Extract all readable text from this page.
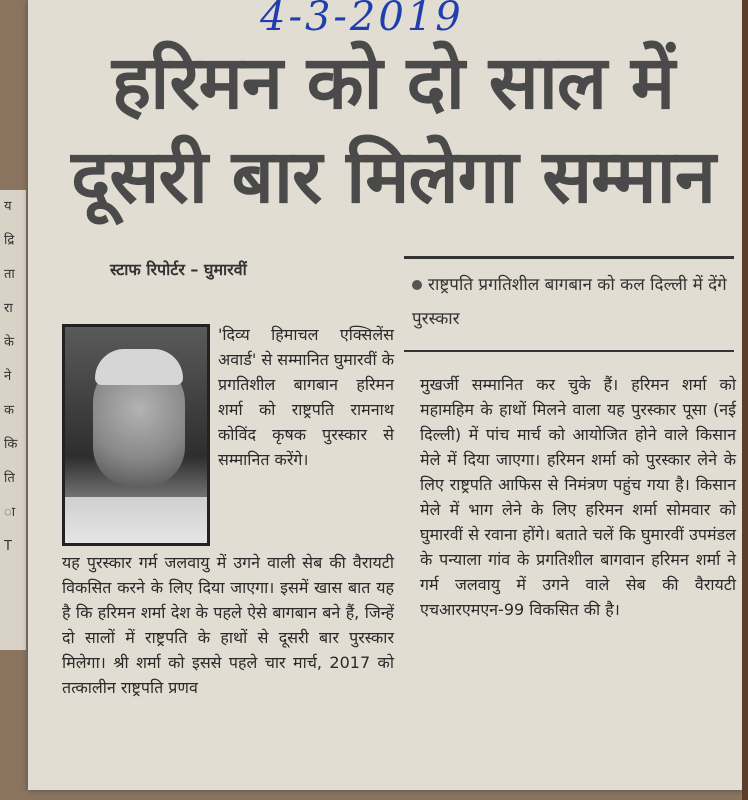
य
द्रि
ता
रा
के
ने
क
कि
ति
ा
T
4-3-2019
हरिमन को दो साल में
दूसरी बार मिलेगा सम्मान
स्टाफ रिपोर्टर – घुमारवीं
राष्ट्रपति प्रगतिशील बागबान को कल दिल्ली में देंगे पुरस्कार
'दिव्य हिमाचल एक्सिलेंस अवार्ड' से सम्मानित घुमारवीं के प्रगतिशील बागबान हरिमन शर्मा को राष्ट्रपति रामनाथ कोविंद कृषक पुरस्कार से सम्मानित करेंगे।
यह पुरस्कार गर्म जलवायु में उगने वाली सेब की वैरायटी विकसित करने के लिए दिया जाएगा। इसमें खास बात यह है कि हरिमन शर्मा देश के पहले ऐसे बागबान बने हैं, जिन्हें दो सालों में राष्ट्रपति के हाथों से दूसरी बार पुरस्कार मिलेगा। श्री शर्मा को इससे पहले चार मार्च, 2017 को तत्कालीन राष्ट्रपति प्रणव
मुखर्जी सम्मानित कर चुके हैं। हरिमन शर्मा को महामहिम के हाथों मिलने वाला यह पुरस्कार पूसा (नई दिल्ली) में पांच मार्च को आयोजित होने वाले किसान मेले में दिया जाएगा। हरिमन शर्मा को पुरस्कार लेने के लिए राष्ट्रपति आफिस से निमंत्रण पहुंच गया है। किसान मेले में भाग लेने के लिए हरिमन शर्मा सोमवार को घुमारवीं से रवाना होंगे। बताते चलें कि घुमारवीं उपमंडल के पन्याला गांव के प्रगतिशील बागवान हरिमन शर्मा ने गर्म जलवायु में उगने वाले सेब की वैरायटी एचआरएमएन-99 विकसित की है।
